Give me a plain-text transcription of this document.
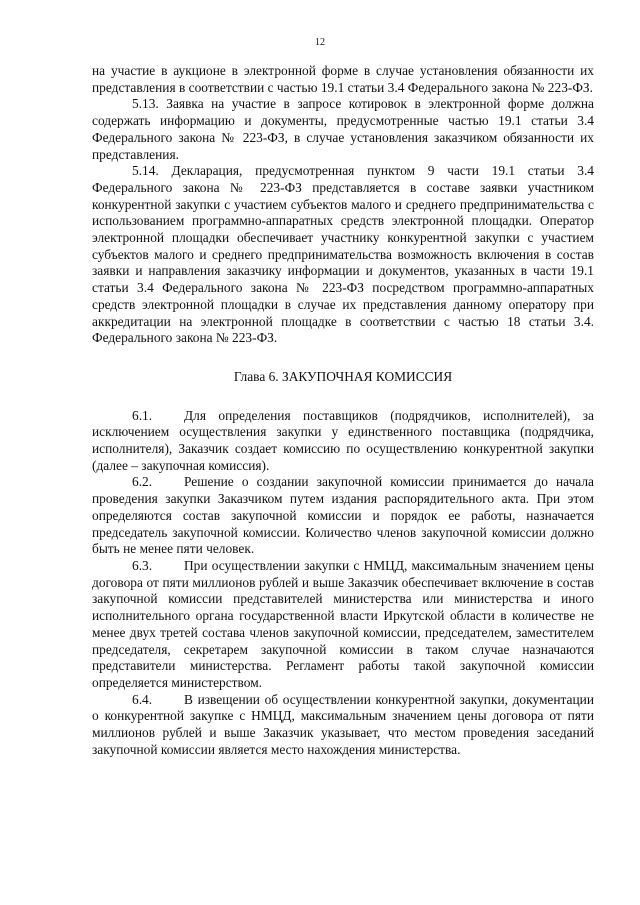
12

на участие в аукционе в электронной форме в случае установления обязанности их представления в соответствии с частью 19.1 статьи 3.4 Федерального закона № 223-ФЗ.

5.13. Заявка на участие в запросе котировок в электронной форме должна содержать информацию и документы, предусмотренные частью 19.1 статьи 3.4 Федерального закона № 223-ФЗ, в случае установления заказчиком обязанности их представления.

5.14. Декларация, предусмотренная пунктом 9 части 19.1 статьи 3.4 Федерального закона № 223-ФЗ представляется в составе заявки участником конкурентной закупки с участием субъектов малого и среднего предпринимательства с использованием программно-аппаратных средств электронной площадки. Оператор электронной площадки обеспечивает участнику конкурентной закупки с участием субъектов малого и среднего предпринимательства возможность включения в состав заявки и направления заказчику информации и документов, указанных в части 19.1 статьи 3.4 Федерального закона № 223-ФЗ посредством программно-аппаратных средств электронной площадки в случае их представления данному оператору при аккредитации на электронной площадке в соответствии с частью 18 статьи 3.4. Федерального закона № 223-ФЗ.

Глава 6. ЗАКУПОЧНАЯ КОМИССИЯ

6.1. Для определения поставщиков (подрядчиков, исполнителей), за исключением осуществления закупки у единственного поставщика (подрядчика, исполнителя), Заказчик создает комиссию по осуществлению конкурентной закупки (далее – закупочная комиссия).

6.2. Решение о создании закупочной комиссии принимается до начала проведения закупки Заказчиком путем издания распорядительного акта. При этом определяются состав закупочной комиссии и порядок ее работы, назначается председатель закупочной комиссии. Количество членов закупочной комиссии должно быть не менее пяти человек.

6.3. При осуществлении закупки с НМЦД, максимальным значением цены договора от пяти миллионов рублей и выше Заказчик обеспечивает включение в состав закупочной комиссии представителей министерства или министерства и иного исполнительного органа государственной власти Иркутской области в количестве не менее двух третей состава членов закупочной комиссии, председателем, заместителем председателя, секретарем закупочной комиссии в таком случае назначаются представители министерства. Регламент работы такой закупочной комиссии определяется министерством.

6.4. В извещении об осуществлении конкурентной закупки, документации о конкурентной закупке с НМЦД, максимальным значением цены договора от пяти миллионов рублей и выше Заказчик указывает, что местом проведения заседаний закупочной комиссии является место нахождения министерства.
